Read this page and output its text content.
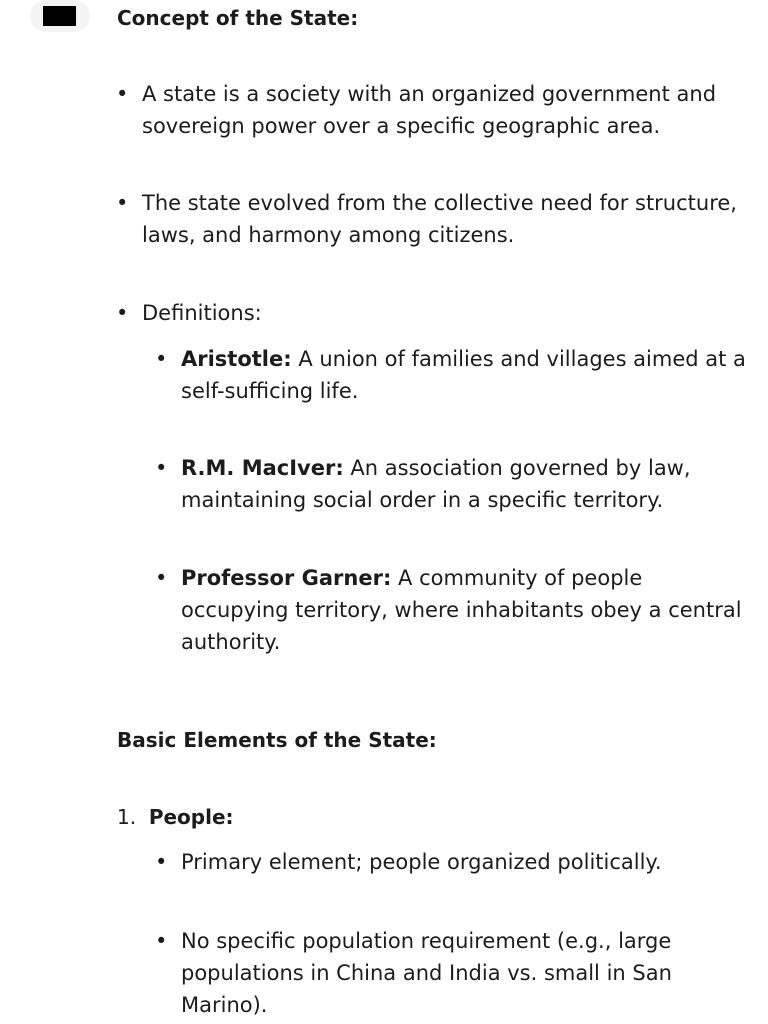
Concept of the State:

• A state is a society with an organized government and sovereign power over a specific geographic area.

• The state evolved from the collective need for structure, laws, and harmony among citizens.

• Definitions:

• Aristotle: A union of families and villages aimed at a self-sufficing life.

• R.M. MacIver: An association governed by law, maintaining social order in a specific territory.

• Professor Garner: A community of people occupying territory, where inhabitants obey a central authority.

Basic Elements of the State:
1. People:

• Primary element; people organized politically.

• No specific population requirement (e.g., large populations in China and India vs. small in San Marino).
